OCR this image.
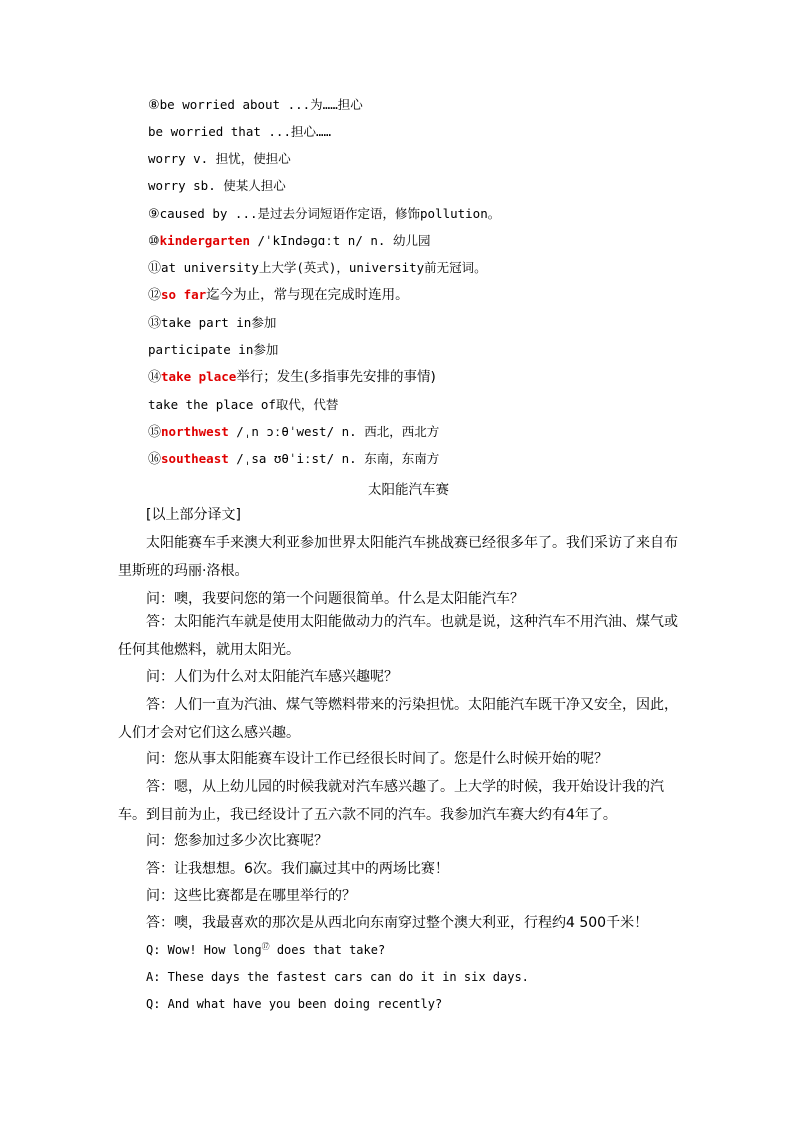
⑧be worried about ...为……担心
be worried that ...担心……
worry v. 担忧，使担心
worry sb. 使某人担心
⑨caused by ...是过去分词短语作定语，修饰pollution。
⑩kindergarten /ˈkIndəɡɑːt n/ n. 幼儿园
⑪at university上大学(英式)，university前无冠词。
⑫so far迄今为止，常与现在完成时连用。
⑬take part in参加
participate in参加
⑭take place举行；发生(多指事先安排的事情)
take the place of取代，代替
⑮northwest /ˌn ɔːθˈwest/ n. 西北，西北方
⑯southeast /ˌsa ʊθˈiːst/ n. 东南，东南方
太阳能汽车赛
[以上部分译文]

太阳能赛车手来澳大利亚参加世界太阳能汽车挑战赛已经很多年了。我们采访了来自布里斯班的玛丽·洛根。

问：噢，我要问您的第一个问题很简单。什么是太阳能汽车？

答：太阳能汽车就是使用太阳能做动力的汽车。也就是说，这种汽车不用汽油、煤气或任何其他燃料，就用太阳光。

问：人们为什么对太阳能汽车感兴趣呢？

答：人们一直为汽油、煤气等燃料带来的污染担忧。太阳能汽车既干净又安全，因此，人们才会对它们这么感兴趣。

问：您从事太阳能赛车设计工作已经很长时间了。您是什么时候开始的呢？

答：嗯，从上幼儿园的时候我就对汽车感兴趣了。上大学的时候，我开始设计我的汽车。到目前为止，我已经设计了五六款不同的汽车。我参加汽车赛大约有4年了。

问：您参加过多少次比赛呢？

答：让我想想。6次。我们赢过其中的两场比赛！

问：这些比赛都是在哪里举行的？

答：噢，我最喜欢的那次是从西北向东南穿过整个澳大利亚，行程约4 500千米！

Q: Wow! How long⑰ does that take?
A: These days the fastest cars can do it in six days.
Q: And what have you been doing recently?
